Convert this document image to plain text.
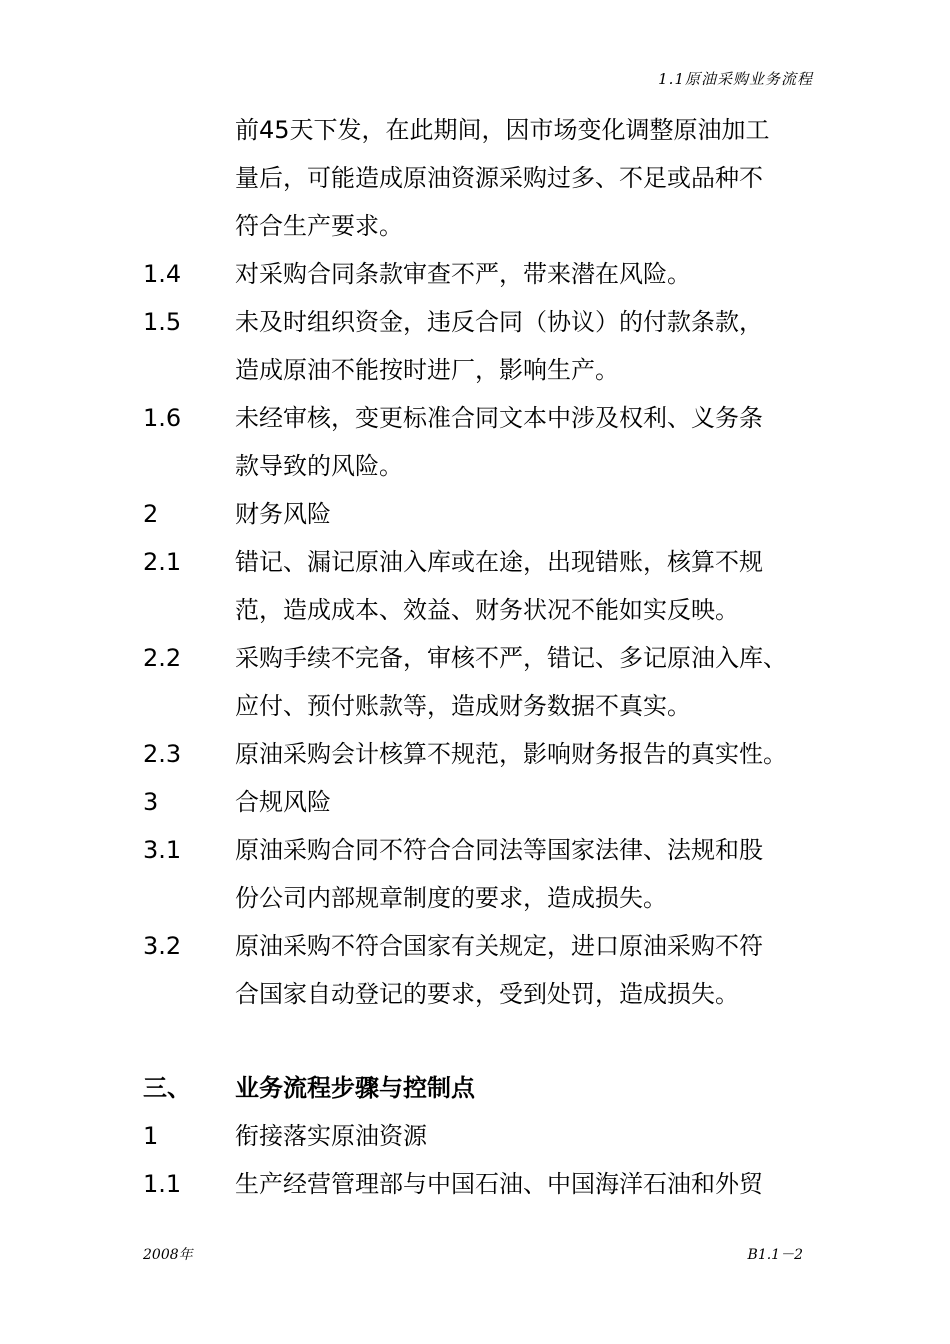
1.1原油采购业务流程
前45天下发，在此期间，因市场变化调整原油加工
量后，可能造成原油资源采购过多、不足或品种不
符合生产要求。
1.4 对采购合同条款审查不严，带来潜在风险。
1.5 未及时组织资金，违反合同（协议）的付款条款，
造成原油不能按时进厂，影响生产。
1.6 未经审核，变更标准合同文本中涉及权利、义务条
款导致的风险。
2	财务风险
2.1 错记、漏记原油入库或在途，出现错账，核算不规
范，造成成本、效益、财务状况不能如实反映。
2.2 采购手续不完备，审核不严，错记、多记原油入库、
应付、预付账款等，造成财务数据不真实。
2.3 原油采购会计核算不规范，影响财务报告的真实性。
3	合规风险
3.1 原油采购合同不符合合同法等国家法律、法规和股
份公司内部规章制度的要求，造成损失。
3.2 原油采购不符合国家有关规定，进口原油采购不符
合国家自动登记的要求，受到处罚，造成损失。
三、 业务流程步骤与控制点
1	衔接落实原油资源
1.1 生产经营管理部与中国石油、中国海洋石油和外贸
2008年	B1.1－2
